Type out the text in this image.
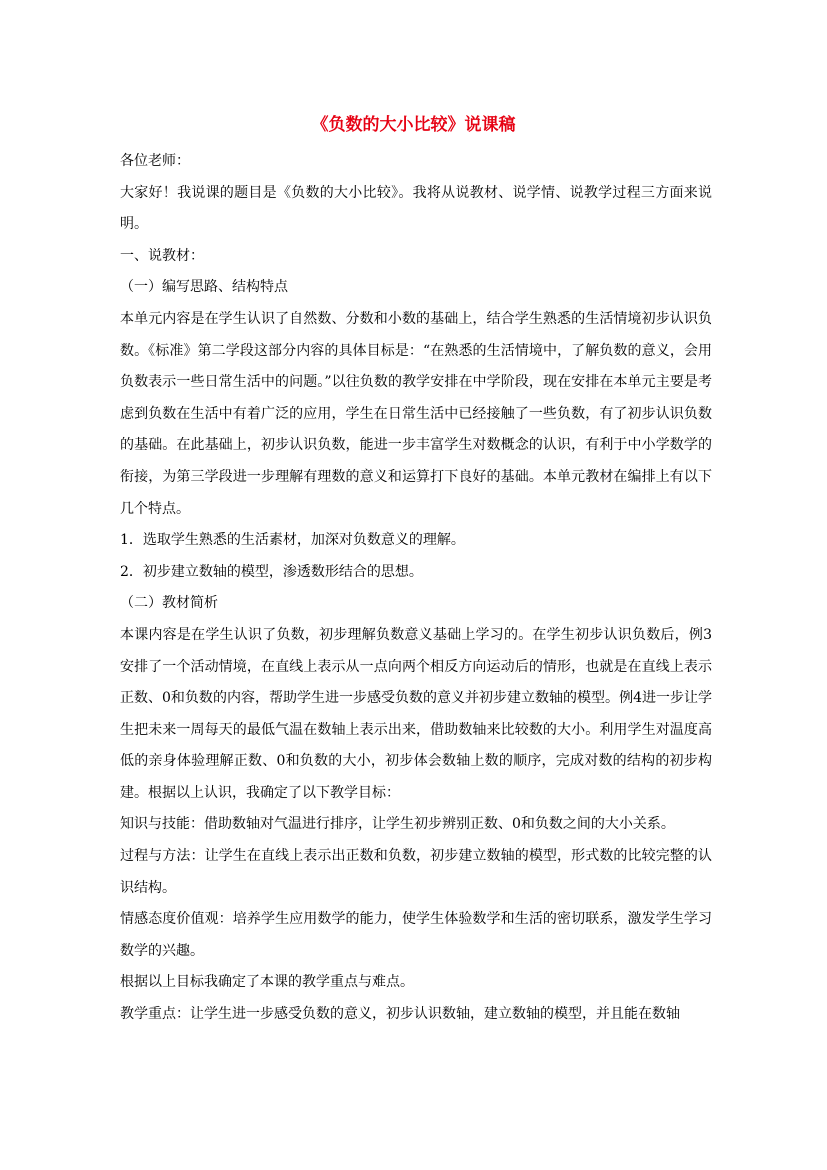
《负数的大小比较》说课稿

各位老师：

大家好！我说课的题目是《负数的大小比较》。我将从说教材、说学情、说教学过程三方面来说明。

一、说教材：

（一）编写思路、结构特点

本单元内容是在学生认识了自然数、分数和小数的基础上，结合学生熟悉的生活情境初步认识负数。《标准》第二学段这部分内容的具体目标是：“在熟悉的生活情境中，了解负数的意义，会用负数表示一些日常生活中的问题。”以往负数的教学安排在中学阶段，现在安排在本单元主要是考虑到负数在生活中有着广泛的应用，学生在日常生活中已经接触了一些负数，有了初步认识负数的基础。在此基础上，初步认识负数，能进一步丰富学生对数概念的认识，有利于中小学数学的衔接，为第三学段进一步理解有理数的意义和运算打下良好的基础。本单元教材在编排上有以下几个特点。

1．选取学生熟悉的生活素材，加深对负数意义的理解。

2．初步建立数轴的模型，渗透数形结合的思想。

（二）教材简析

本课内容是在学生认识了负数，初步理解负数意义基础上学习的。在学生初步认识负数后，例3安排了一个活动情境，在直线上表示从一点向两个相反方向运动后的情形，也就是在直线上表示正数、0和负数的内容，帮助学生进一步感受负数的意义并初步建立数轴的模型。例4进一步让学生把未来一周每天的最低气温在数轴上表示出来，借助数轴来比较数的大小。利用学生对温度高低的亲身体验理解正数、0和负数的大小，初步体会数轴上数的顺序，完成对数的结构的初步构建。根据以上认识，我确定了以下教学目标：

知识与技能：借助数轴对气温进行排序，让学生初步辨别正数、0和负数之间的大小关系。

过程与方法：让学生在直线上表示出正数和负数，初步建立数轴的模型，形式数的比较完整的认识结构。

情感态度价值观：培养学生应用数学的能力，使学生体验数学和生活的密切联系，激发学生学习数学的兴趣。

根据以上目标我确定了本课的教学重点与难点。

教学重点：让学生进一步感受负数的意义，初步认识数轴，建立数轴的模型，并且能在数轴
